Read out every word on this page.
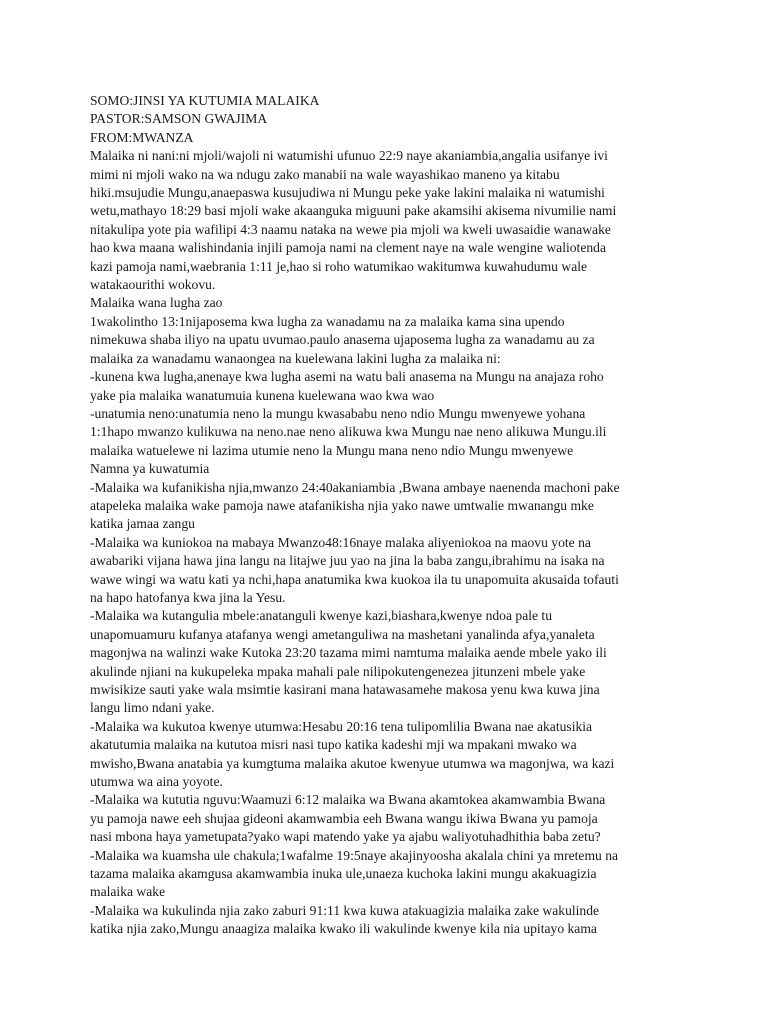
SOMO:JINSI YA KUTUMIA MALAIKA
PASTOR:SAMSON GWAJIMA
FROM:MWANZA
Malaika ni nani:ni mjoli/wajoli ni watumishi ufunuo 22:9 naye akaniambia,angalia usifanye ivi
mimi ni mjoli wako na wa ndugu zako manabii na wale wayashikao maneno ya kitabu
hiki.msujudie Mungu,anaepaswa kusujudiwa ni Mungu peke yake lakini malaika ni watumishi
wetu,mathayo 18:29 basi mjoli wake akaanguka miguuni pake akamsihi akisema nivumilie nami
nitakulipa yote pia wafilipi 4:3 naamu nataka na wewe pia mjoli wa kweli uwasaidie wanawake
hao kwa maana walishindania injili pamoja nami na clement naye na wale wengine waliotenda
kazi pamoja nami,waebrania 1:11 je,hao si roho watumikao wakitumwa kuwahudumu wale
watakaourithi wokovu.
Malaika wana lugha zao
1wakolintho 13:1nijaposema kwa lugha za wanadamu na za malaika kama sina upendo
nimekuwa shaba iliyo na upatu uvumao.paulo anasema ujaposema lugha za wanadamu au za
malaika za wanadamu wanaongea na kuelewana lakini lugha za malaika ni:
-kunena kwa lugha,anenaye kwa lugha asemi na watu bali anasema na Mungu na anajaza roho
yake pia malaika wanatumuia kunena kuelewana wao kwa wao
-unatumia neno:unatumia neno la mungu kwasababu neno ndio Mungu mwenyewe yohana
1:1hapo mwanzo kulikuwa na neno.nae neno alikuwa kwa Mungu nae neno alikuwa Mungu.ili
malaika watuelewe ni lazima utumie neno la Mungu mana neno ndio Mungu mwenyewe
Namna ya kuwatumia
-Malaika wa kufanikisha njia,mwanzo 24:40akaniambia ,Bwana ambaye naenenda machoni pake
atapeleka malaika wake pamoja nawe atafanikisha njia yako nawe umtwalie mwanangu mke
katika jamaa zangu
-Malaika wa kuniokoa na mabaya Mwanzo48:16naye malaka aliyeniokoa na maovu yote na
awabariki vijana hawa jina langu na litajwe juu yao na jina la baba zangu,ibrahimu na isaka na
wawe wingi wa watu kati ya nchi,hapa anatumika kwa kuokoa ila tu unapomuita akusaida tofauti
na hapo hatofanya kwa jina la Yesu.
-Malaika wa kutangulia mbele:anatanguli kwenye kazi,biashara,kwenye ndoa pale tu
unapomuamuru kufanya atafanya wengi ametanguliwa na mashetani yanalinda afya,yanaleta
magonjwa na walinzi wake Kutoka 23:20 tazama mimi namtuma malaika aende mbele yako ili
akulinde njiani na kukupeleka mpaka mahali pale nilipokutengenezea jitunzeni mbele yake
mwisikize sauti yake wala msimtie kasirani mana hatawasamehe makosa yenu kwa kuwa jina
langu limo ndani yake.
-Malaika wa kukutoa kwenye utumwa:Hesabu 20:16 tena tulipomlilia Bwana nae akatusikia
akatutumia malaika na kututoa misri nasi tupo katika kadeshi mji wa mpakani mwako wa
mwisho,Bwana anatabia ya kumgtuma malaika akutoe kwenyue utumwa wa magonjwa, wa kazi
utumwa wa aina yoyote.
-Malaika wa kututia nguvu:Waamuzi 6:12 malaika wa Bwana akamtokea akamwambia Bwana
yu pamoja nawe eeh shujaa gideoni akamwambia eeh Bwana wangu ikiwa Bwana yu pamoja
nasi mbona haya yametupata?yako wapi matendo yake ya ajabu waliyotuhadhithia baba zetu?
-Malaika wa kuamsha ule chakula;1wafalme 19:5naye akajinyoosha akalala chini ya mretemu na
tazama malaika akamgusa akamwambia inuka ule,unaeza kuchoka lakini mungu akakuagizia
malaika wake
-Malaika wa kukulinda njia zako zaburi 91:11 kwa kuwa atakuagizia malaika zake wakulinde
katika njia zako,Mungu anaagiza malaika kwako ili wakulinde kwenye kila nia upitayo kama
